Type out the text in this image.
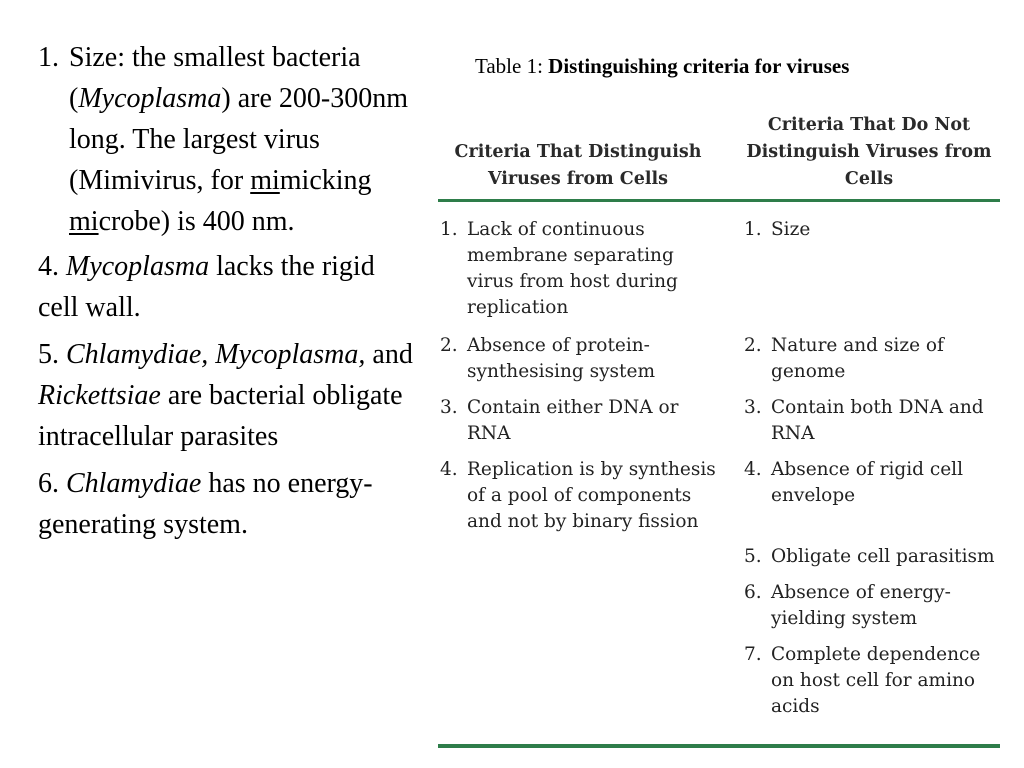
1. Size: the smallest bacteria (Mycoplasma) are 200-300nm long. The largest virus (Mimivirus, for mimicking microbe) is 400 nm.

4. Mycoplasma lacks the rigid cell wall.

5. Chlamydiae, Mycoplasma, and Rickettsiae are bacterial obligate intracellular parasites

6. Chlamydiae has no energy-generating system.

Table 1: Distinguishing criteria for viruses
Criteria That Distinguish Viruses from Cells
Criteria That Do Not Distinguish Viruses from Cells
1. Lack of continuous membrane separating virus from host during replication
2. Absence of protein-synthesising system
3. Contain either DNA or RNA
4. Replication is by synthesis of a pool of components and not by binary fission
1. Size
2. Nature and size of genome
3. Contain both DNA and RNA
4. Absence of rigid cell envelope
5. Obligate cell parasitism
6. Absence of energy-yielding system
7. Complete dependence on host cell for amino acids
